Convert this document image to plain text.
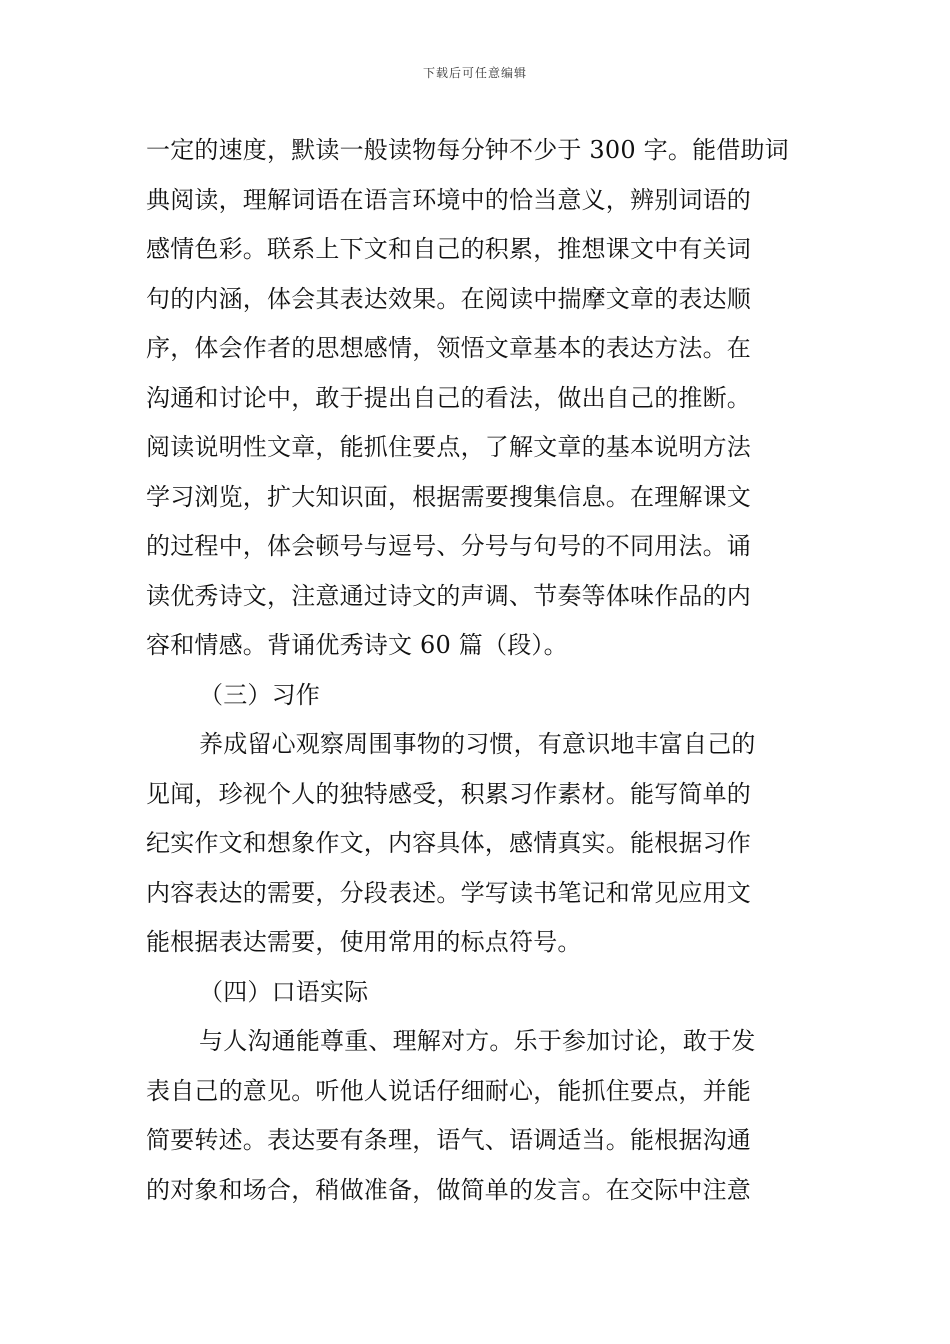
下载后可任意编辑
一定的速度，默读一般读物每分钟不少于 300 字。能借助词
典阅读，理解词语在语言环境中的恰当意义，辨别词语的
感情色彩。联系上下文和自己的积累，推想课文中有关词
句的内涵，体会其表达效果。在阅读中揣摩文章的表达顺
序，体会作者的思想感情，领悟文章基本的表达方法。在
沟通和讨论中，敢于提出自己的看法，做出自己的推断。
阅读说明性文章，能抓住要点，了解文章的基本说明方法
学习浏览，扩大知识面，根据需要搜集信息。在理解课文
的过程中，体会顿号与逗号、分号与句号的不同用法。诵
读优秀诗文，注意通过诗文的声调、节奏等体味作品的内
容和情感。背诵优秀诗文 60 篇（段）。
（三）习作
养成留心观察周围事物的习惯，有意识地丰富自己的
见闻，珍视个人的独特感受，积累习作素材。能写简单的
纪实作文和想象作文，内容具体，感情真实。能根据习作
内容表达的需要，分段表述。学写读书笔记和常见应用文
能根据表达需要，使用常用的标点符号。
（四）口语实际
与人沟通能尊重、理解对方。乐于参加讨论，敢于发
表自己的意见。听他人说话仔细耐心，能抓住要点，并能
简要转述。表达要有条理，语气、语调适当。能根据沟通
的对象和场合，稍做准备，做简单的发言。在交际中注意
